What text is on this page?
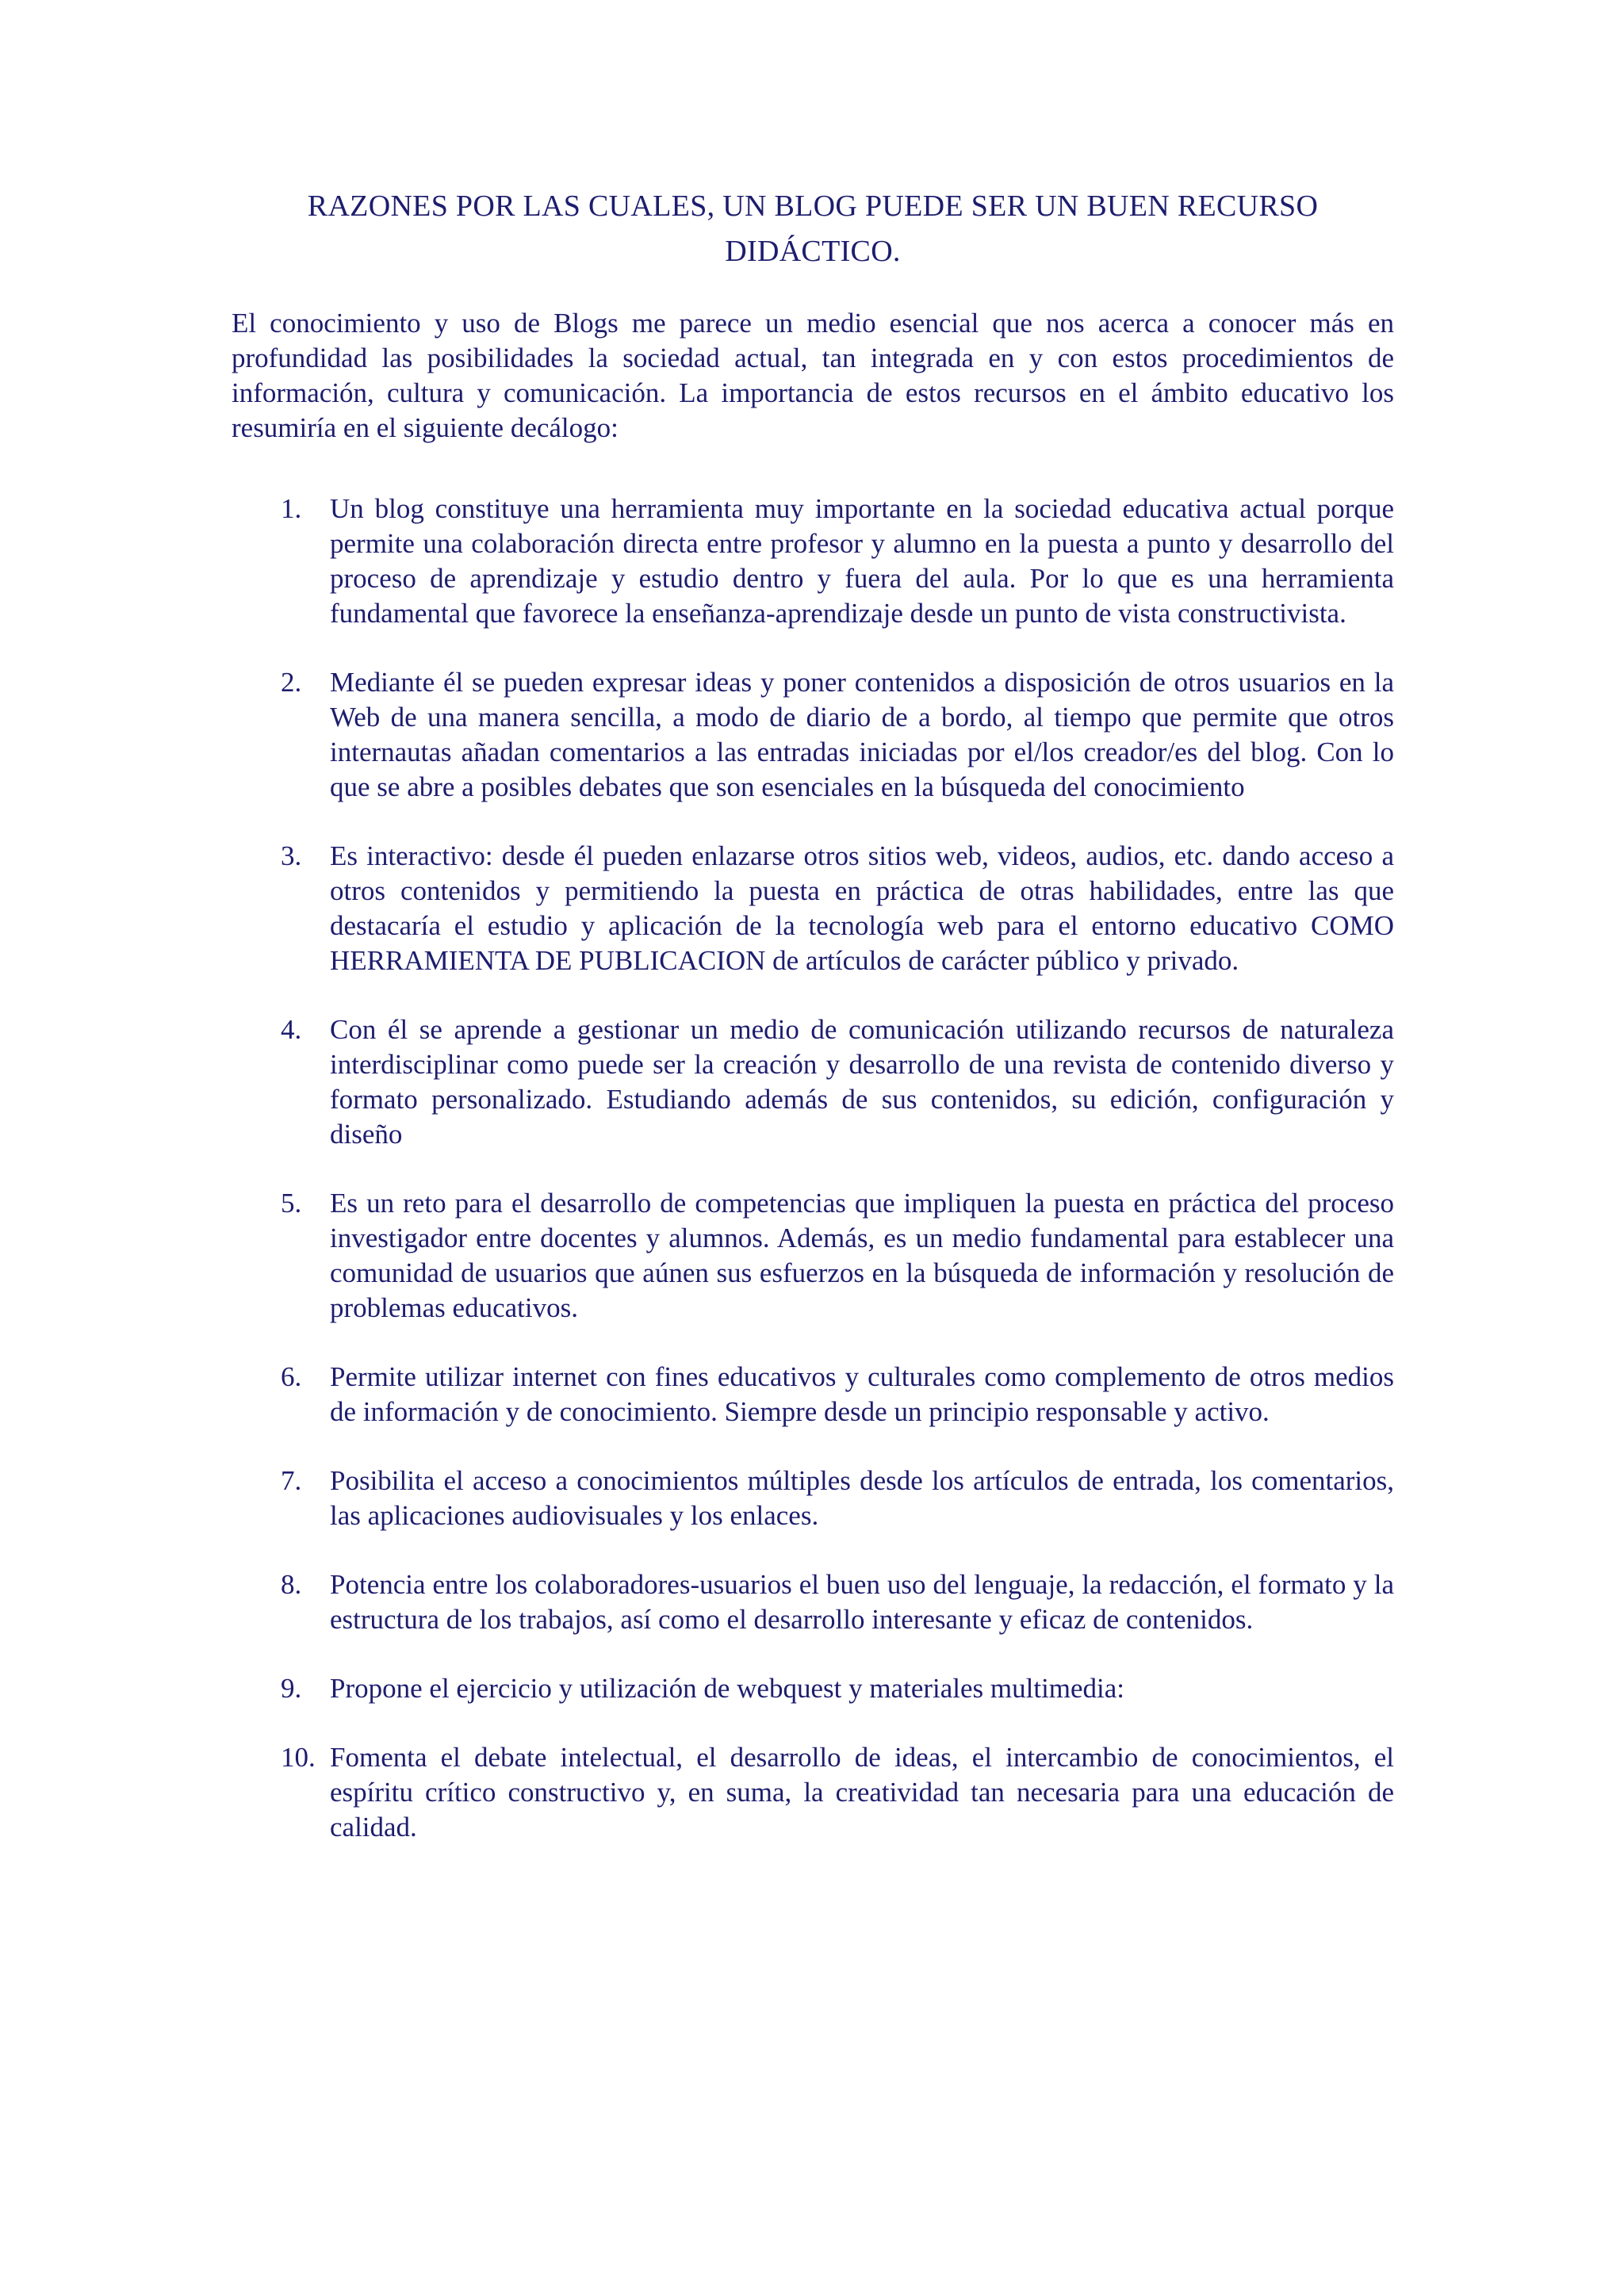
RAZONES POR LAS CUALES, UN BLOG PUEDE SER UN BUEN RECURSO
DIDÁCTICO.

El conocimiento y uso de Blogs me parece un medio esencial que nos acerca a conocer más en profundidad las posibilidades la sociedad actual, tan integrada en y con estos procedimientos de información, cultura y comunicación. La importancia de estos recursos en el ámbito educativo los resumiría en el siguiente decálogo:

1. Un blog constituye una herramienta muy importante en la sociedad educativa actual porque permite una colaboración directa entre profesor y alumno en la puesta a punto y desarrollo del proceso de aprendizaje y estudio dentro y fuera del aula. Por lo que es una herramienta fundamental que favorece la enseñanza-aprendizaje desde un punto de vista constructivista.
2. Mediante él se pueden expresar ideas y poner contenidos a disposición de otros usuarios en la Web de una manera sencilla, a modo de diario de a bordo, al tiempo que permite que otros internautas añadan comentarios a las entradas iniciadas por el/los creador/es del blog. Con lo que se abre a posibles debates que son esenciales en la búsqueda del conocimiento
3. Es interactivo: desde él pueden enlazarse otros sitios web, videos, audios, etc. dando acceso a otros contenidos y permitiendo la puesta en práctica de otras habilidades, entre las que destacaría el estudio y aplicación de la tecnología web para el entorno educativo COMO HERRAMIENTA DE PUBLICACION de artículos de carácter público y privado.
4. Con él se aprende a gestionar un medio de comunicación utilizando recursos de naturaleza interdisciplinar como puede ser la creación y desarrollo de una revista de contenido diverso y formato personalizado. Estudiando además de sus contenidos, su edición, configuración y diseño
5. Es un reto para el desarrollo de competencias que impliquen la puesta en práctica del proceso investigador entre docentes y alumnos. Además, es un medio fundamental para establecer una comunidad de usuarios que aúnen sus esfuerzos en la búsqueda de información y resolución de problemas educativos.
6. Permite utilizar internet con fines educativos y culturales como complemento de otros medios de información y de conocimiento. Siempre desde un principio responsable y activo.
7. Posibilita el acceso a conocimientos múltiples desde los artículos de entrada, los comentarios, las aplicaciones audiovisuales y los enlaces.
8. Potencia entre los colaboradores-usuarios el buen uso del lenguaje, la redacción, el formato y la estructura de los trabajos, así como el desarrollo interesante y eficaz de contenidos.
9. Propone el ejercicio y utilización de webquest y materiales multimedia:
10. Fomenta el debate intelectual, el desarrollo de ideas, el intercambio de conocimientos, el espíritu crítico constructivo y, en suma, la creatividad tan necesaria para una educación de calidad.
